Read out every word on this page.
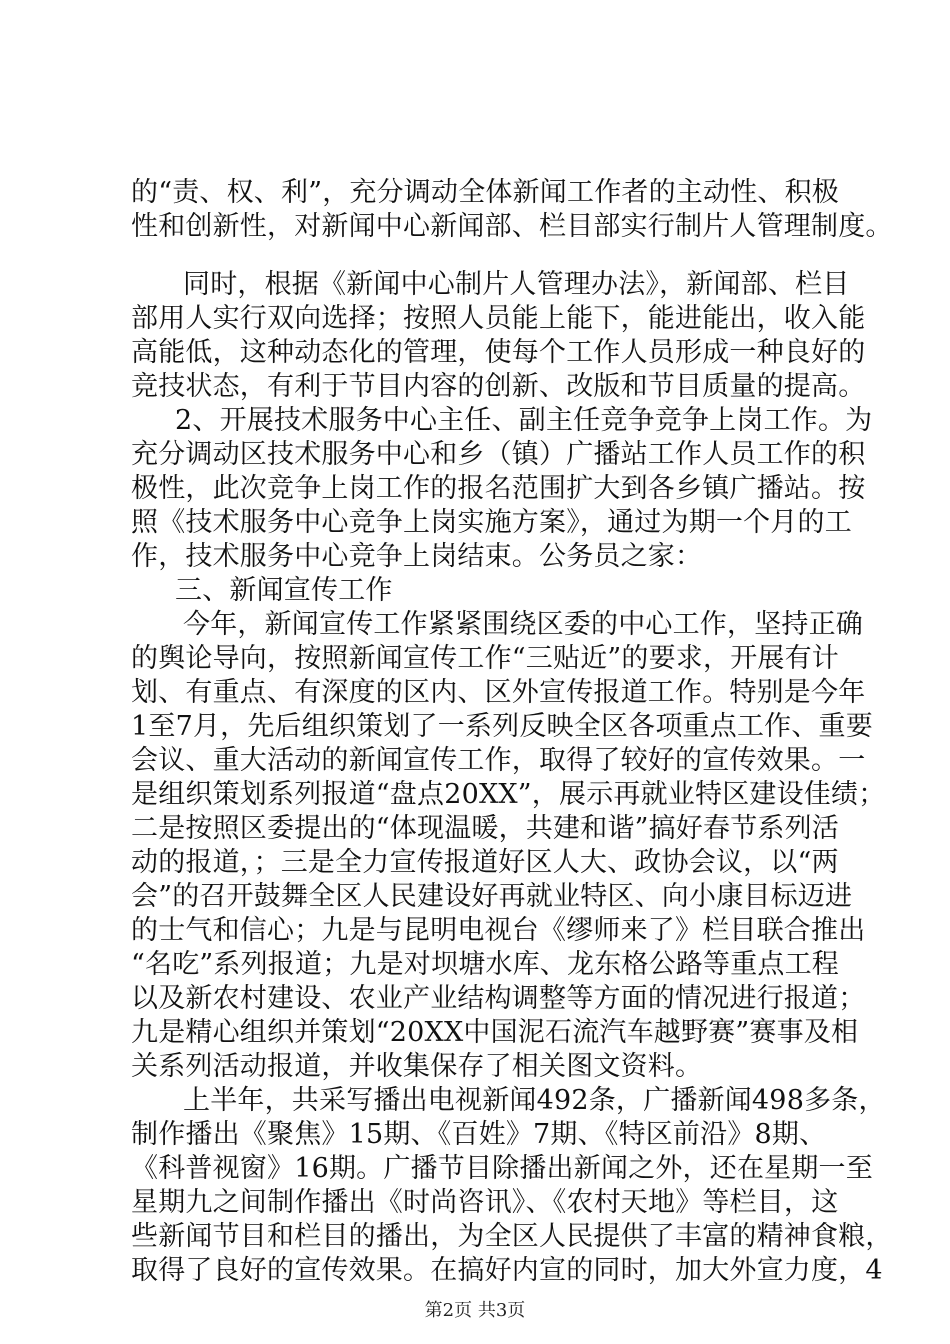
的“责、权、利”，充分调动全体新闻工作者的主动性、积极
性和创新性，对新闻中心新闻部、栏目部实行制片人管理制度。
同时，根据《新闻中心制片人管理办法》，新闻部、栏目
部用人实行双向选择；按照人员能上能下，能进能出，收入能
高能低，这种动态化的管理，使每个工作人员形成一种良好的
竞技状态，有利于节目内容的创新、改版和节目质量的提高。
2、开展技术服务中心主任、副主任竞争竞争上岗工作。为
充分调动区技术服务中心和乡（镇）广播站工作人员工作的积
极性，此次竞争上岗工作的报名范围扩大到各乡镇广播站。按
照《技术服务中心竞争上岗实施方案》，通过为期一个月的工
作，技术服务中心竞争上岗结束。公务员之家：
三、新闻宣传工作
今年，新闻宣传工作紧紧围绕区委的中心工作，坚持正确
的舆论导向，按照新闻宣传工作“三贴近”的要求，开展有计
划、有重点、有深度的区内、区外宣传报道工作。特别是今年
1至7月，先后组织策划了一系列反映全区各项重点工作、重要
会议、重大活动的新闻宣传工作，取得了较好的宣传效果。一
是组织策划系列报道“盘点20XX”，展示再就业特区建设佳绩；
二是按照区委提出的“体现温暖，共建和谐”搞好春节系列活
动的报道，；三是全力宣传报道好区人大、政协会议，以“两
会”的召开鼓舞全区人民建设好再就业特区、向小康目标迈进
的士气和信心；九是与昆明电视台《缪师来了》栏目联合推出
“名吃”系列报道；九是对坝塘水库、龙东格公路等重点工程
以及新农村建设、农业产业结构调整等方面的情况进行报道；
九是精心组织并策划“20XX中国泥石流汽车越野赛”赛事及相
关系列活动报道，并收集保存了相关图文资料。
上半年，共采写播出电视新闻492条，广播新闻498多条，
制作播出《聚焦》15期、《百姓》7期、《特区前沿》8期、
《科普视窗》16期。广播节目除播出新闻之外，还在星期一至
星期九之间制作播出《时尚咨讯》、《农村天地》等栏目，这
些新闻节目和栏目的播出，为全区人民提供了丰富的精神食粮，
取得了良好的宣传效果。在搞好内宣的同时，加大外宣力度，4
第2页 共3页
